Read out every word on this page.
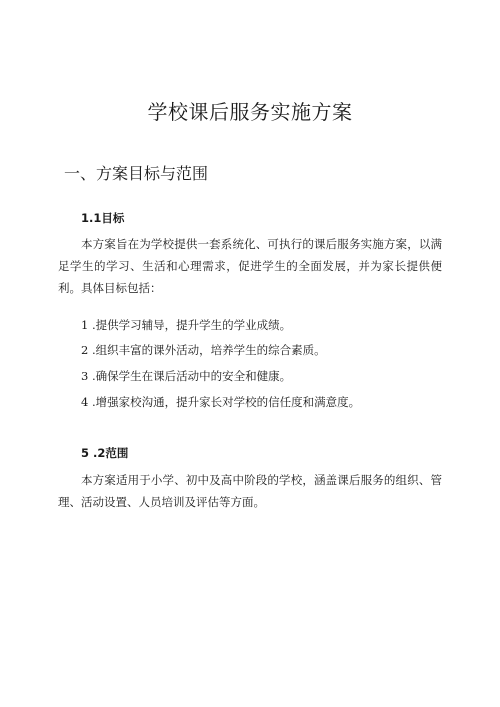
学校课后服务实施方案
一、方案目标与范围
1.1目标

本方案旨在为学校提供一套系统化、可执行的课后服务实施方案，以满足学生的学习、生活和心理需求，促进学生的全面发展，并为家长提供便利。具体目标包括：

1 .提供学习辅导，提升学生的学业成绩。

2 .组织丰富的课外活动，培养学生的综合素质。

3 .确保学生在课后活动中的安全和健康。

4 .增强家校沟通，提升家长对学校的信任度和满意度。

5 .2范围

本方案适用于小学、初中及高中阶段的学校，涵盖课后服务的组织、管理、活动设置、人员培训及评估等方面。
